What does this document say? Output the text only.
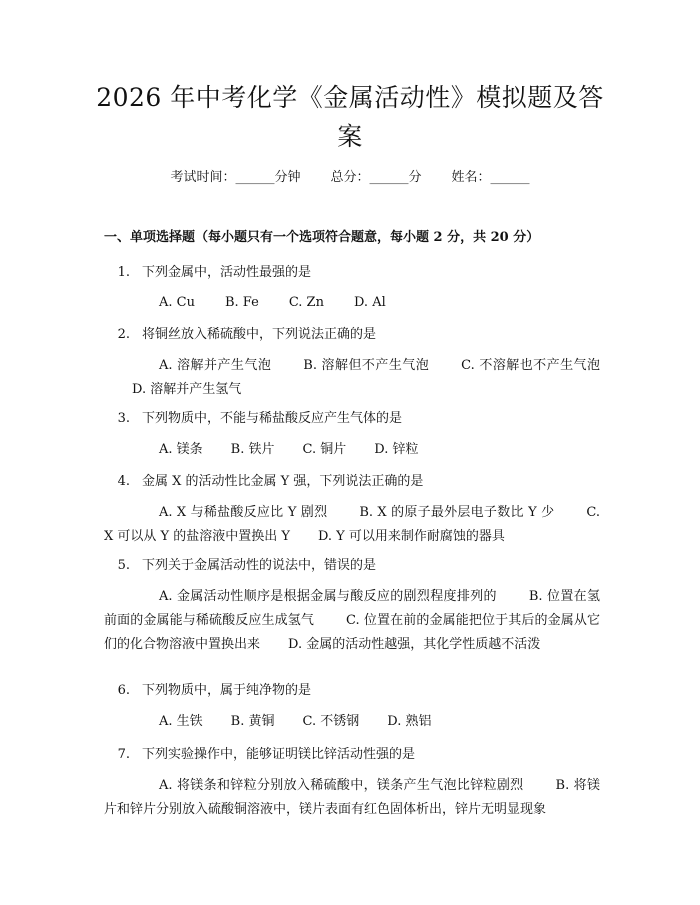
2026 年中考化学《金属活动性》模拟题及答案
考试时间：______分钟 总分：______分 姓名：______
一、单项选择题（每小题只有一个选项符合题意，每小题 2 分，共 20 分）
1. 下列金属中，活动性最强的是
A. Cu B. Fe C. Zn D. Al
2. 将铜丝放入稀硫酸中，下列说法正确的是
A. 溶解并产生气泡 B. 溶解但不产生气泡 C. 不溶解也不产生气泡D. 溶解并产生氢气
3. 下列物质中，不能与稀盐酸反应产生气体的是
A. 镁条 B. 铁片 C. 铜片 D. 锌粒
4. 金属 X 的活动性比金属 Y 强，下列说法正确的是
A. X 与稀盐酸反应比 Y 剧烈 B. X 的原子最外层电子数比 Y 少 C. X 可以从 Y 的盐溶液中置换出 Y D. Y 可以用来制作耐腐蚀的器具
5. 下列关于金属活动性的说法中，错误的是
A. 金属活动性顺序是根据金属与酸反应的剧烈程度排列的 B. 位置在氢前面的金属能与稀硫酸反应生成氢气 C. 位置在前的金属能把位于其后的金属从它们的化合物溶液中置换出来 D. 金属的活动性越强，其化学性质越不活泼
6. 下列物质中，属于纯净物的是
A. 生铁 B. 黄铜 C. 不锈钢 D. 熟铝
7. 下列实验操作中，能够证明镁比锌活动性强的是
A. 将镁条和锌粒分别放入稀硫酸中，镁条产生气泡比锌粒剧烈 B. 将镁片和锌片分别放入硫酸铜溶液中，镁片表面有红色固体析出，锌片无明显现象
